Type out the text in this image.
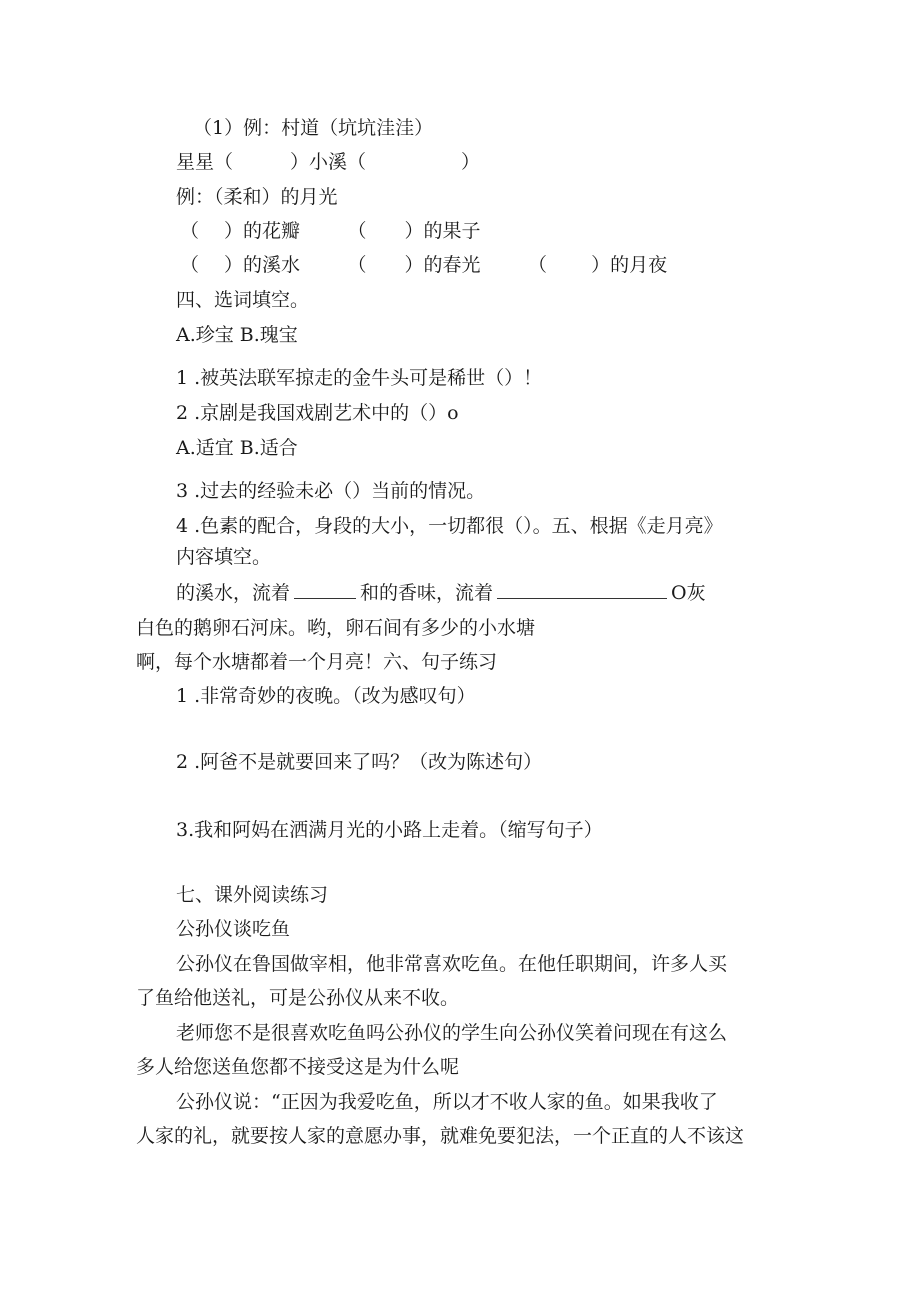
（1）例：村道（坑坑洼洼）
星星（　　　）小溪（　　　　　）
例：（柔和）的月光
（　 ）的花瓣　　　（　　）的果子
（　 ）的溪水　　　（　　）的春光　　　（　　 ）的月夜
四、选词填空。
A.珍宝 B.瑰宝
1 .被英法联军掠走的金牛头可是稀世（）！
2 .京剧是我国戏剧艺术中的（）o
A.适宜 B.适合
3 .过去的经验未必（）当前的情况。
4 .色素的配合，身段的大小，一切都很（）。五、根据《走月亮》
内容填空。
的溪水，流着	和的香味，流着	O灰
白色的鹅卵石河床。哟，卵石间有多少的小水塘
啊，每个水塘都着一个月亮！六、句子练习
1 .非常奇妙的夜晚。（改为感叹句）
2 .阿爸不是就要回来了吗？（改为陈述句）
3.我和阿妈在洒满月光的小路上走着。（缩写句子）
七、课外阅读练习
公孙仪谈吃鱼
公孙仪在鲁国做宰相，他非常喜欢吃鱼。在他任职期间，许多人买
了鱼给他送礼，可是公孙仪从来不收。
老师您不是很喜欢吃鱼吗公孙仪的学生向公孙仪笑着问现在有这么
多人给您送鱼您都不接受这是为什么呢
公孙仪说：“正因为我爱吃鱼，所以才不收人家的鱼。如果我收了
人家的礼，就要按人家的意愿办事，就难免要犯法，一个正直的人不该这
